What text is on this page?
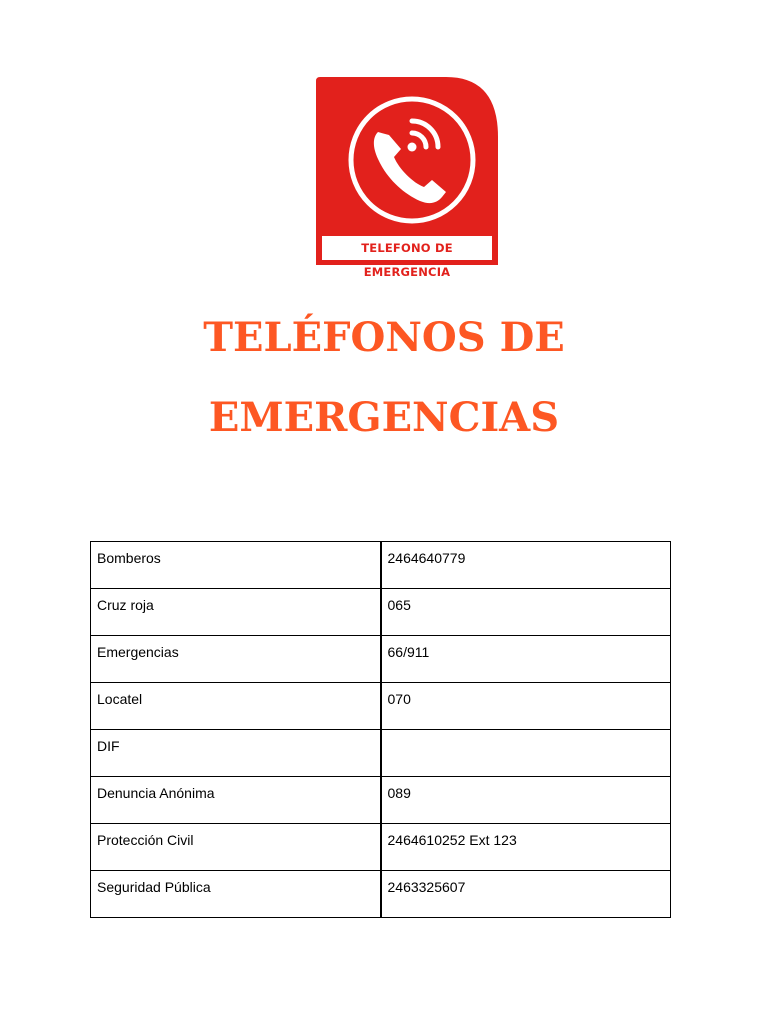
TELEFONO DE EMERGENCIA
TELÉFONOS DE
EMERGENCIAS
Bomberos	2464640779
Cruz roja	065
Emergencias	66/911
Locatel	070
DIF	
Denuncia Anónima	089
Protección Civil	2464610252 Ext 123
Seguridad Pública	2463325607
